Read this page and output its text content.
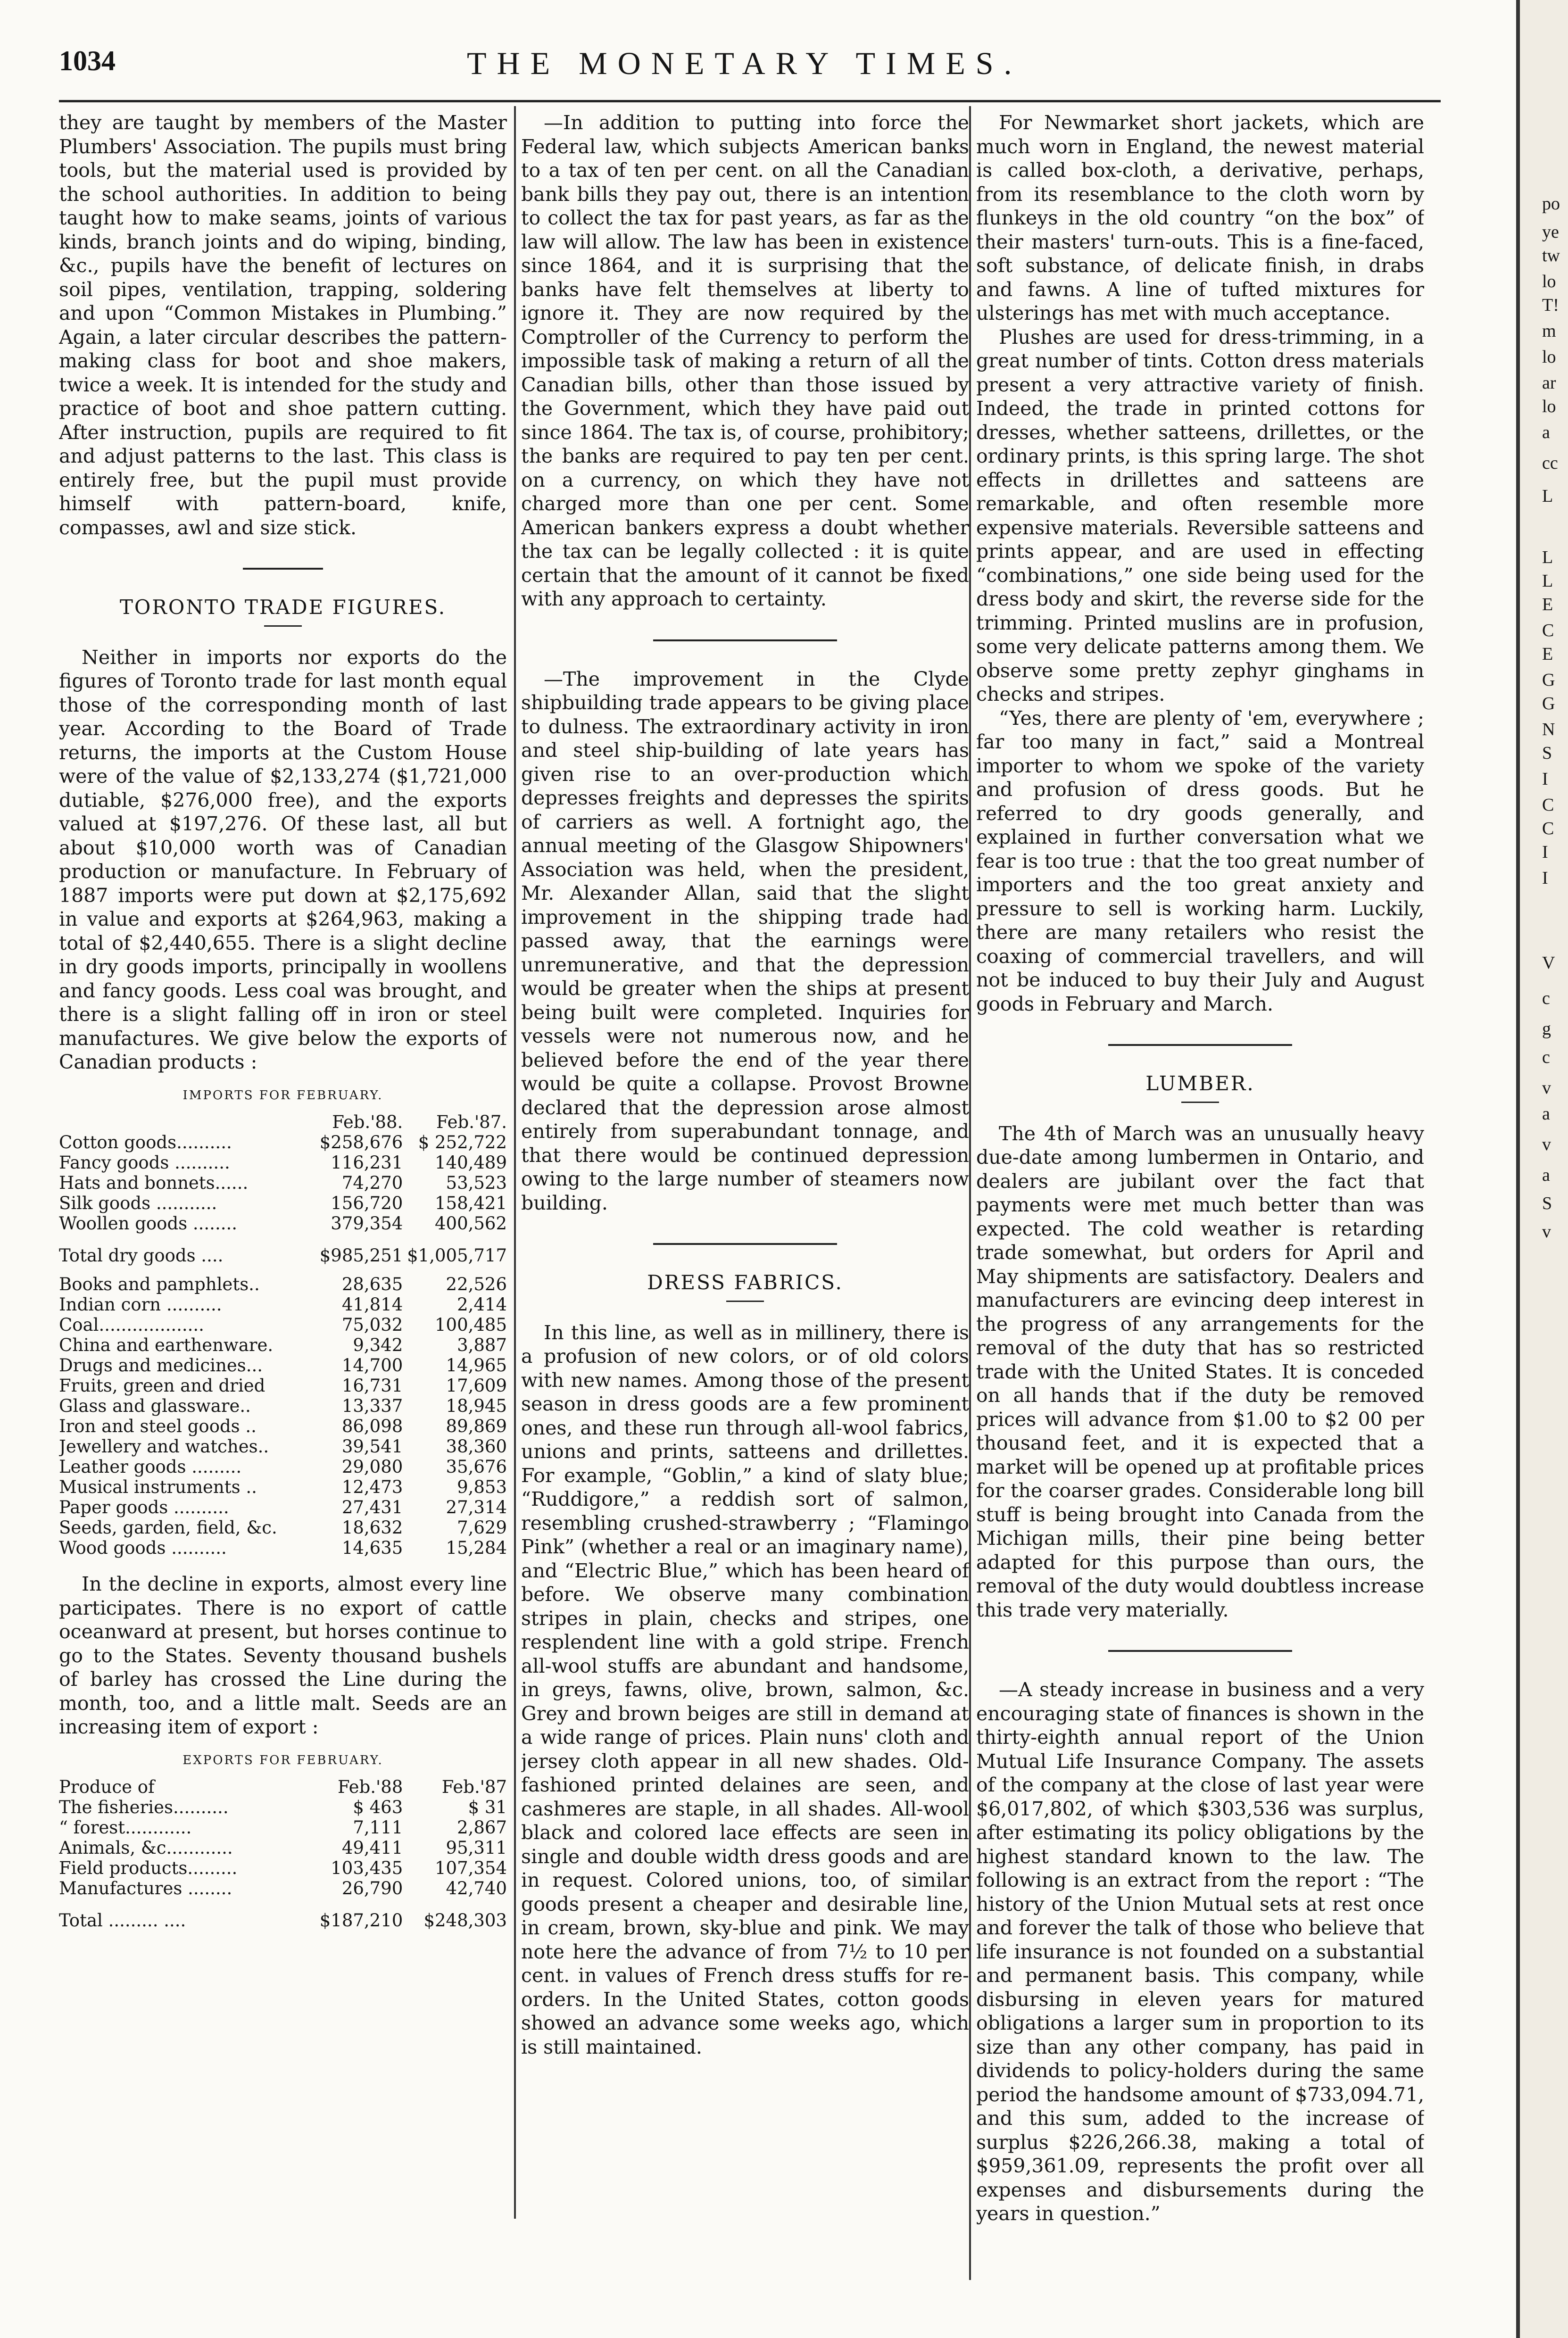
1034	THE MONETARY TIMES.

they are taught by members of the Master Plumbers' Association. The pupils must bring tools, but the material used is provided by the school authorities. In addition to being taught how to make seams, joints of various kinds, branch joints and do wiping, binding, &c., pupils have the benefit of lectures on soil pipes, ventilation, trapping, soldering and upon “Common Mistakes in Plumbing.” Again, a later circular describes the pattern-making class for boot and shoe makers, twice a week. It is intended for the study and practice of boot and shoe pattern cutting. After instruction, pupils are required to fit and adjust patterns to the last. This class is entirely free, but the pupil must provide himself with pattern-board, knife, compasses, awl and size stick.

TORONTO TRADE FIGURES.

Neither in imports nor exports do the figures of Toronto trade for last month equal those of the corresponding month of last year. According to the Board of Trade returns, the imports at the Custom House were of the value of $2,133,274 ($1,721,000 dutiable, $276,000 free), and the exports valued at $197,276. Of these last, all but about $10,000 worth was of Canadian production or manufacture. In February of 1887 imports were put down at $2,175,692 in value and exports at $264,963, making a total of $2,440,655. There is a slight decline in dry goods imports, principally in woollens and fancy goods. Less coal was brought, and there is a slight falling off in iron or steel manufactures. We give below the exports of Canadian products :

IMPORTS FOR FEBRUARY.
	Feb.'88.	Feb.'87.
Cotton goods..........	$258,676	$ 252,722
Fancy goods ..........	116,231	140,489
Hats and bonnets......	74,270	53,523
Silk goods ...........	156,720	158,421
Woollen goods ........	379,354	400,562
Total dry goods ....	$985,251	$1,005,717
Books and pamphlets..	28,635	22,526
Indian corn ..........	41,814	2,414
Coal...................	75,032	100,485
China and earthenware.	9,342	3,887
Drugs and medicines...	14,700	14,965
Fruits, green and dried	16,731	17,609
Glass and glassware..	13,337	18,945
Iron and steel goods ..	86,098	89,869
Jewellery and watches..	39,541	38,360
Leather goods .........	29,080	35,676
Musical instruments ..	12,473	9,853
Paper goods ..........	27,431	27,314
Seeds, garden, field, &c.	18,632	7,629
Wood goods ..........	14,635	15,284

In the decline in exports, almost every line participates. There is no export of cattle oceanward at present, but horses continue to go to the States. Seventy thousand bushels of barley has crossed the Line during the month, too, and a little malt. Seeds are an increasing item of export :

EXPORTS FOR FEBRUARY.
Produce of	Feb.'88	Feb.'87
The fisheries..........	$ 463	$ 31
“ forest............	7,111	2,867
Animals, &c............	49,411	95,311
Field products.........	103,435	107,354
Manufactures ........	26,790	42,740
Total ......... ....	$187,210	$248,303

—In addition to putting into force the Federal law, which subjects American banks to a tax of ten per cent. on all the Canadian bank bills they pay out, there is an intention to collect the tax for past years, as far as the law will allow. The law has been in existence since 1864, and it is surprising that the banks have felt themselves at liberty to ignore it. They are now required by the Comptroller of the Currency to perform the impossible task of making a return of all the Canadian bills, other than those issued by the Government, which they have paid out since 1864. The tax is, of course, prohibitory; the banks are required to pay ten per cent. on a currency, on which they have not charged more than one per cent. Some American bankers express a doubt whether the tax can be legally collected : it is quite certain that the amount of it cannot be fixed with any approach to certainty.

—The improvement in the Clyde shipbuilding trade appears to be giving place to dulness. The extraordinary activity in iron and steel ship-building of late years has given rise to an over-production which depresses freights and depresses the spirits of carriers as well. A fortnight ago, the annual meeting of the Glasgow Shipowners' Association was held, when the president, Mr. Alexander Allan, said that the slight improvement in the shipping trade had passed away, that the earnings were unremunerative, and that the depression would be greater when the ships at present being built were completed. Inquiries for vessels were not numerous now, and he believed before the end of the year there would be quite a collapse. Provost Browne declared that the depression arose almost entirely from superabundant tonnage, and that there would be continued depression owing to the large number of steamers now building.

DRESS FABRICS.

In this line, as well as in millinery, there is a profusion of new colors, or of old colors with new names. Among those of the present season in dress goods are a few prominent ones, and these run through all-wool fabrics, unions and prints, satteens and drillettes. For example, “Goblin,” a kind of slaty blue; “Ruddigore,” a reddish sort of salmon, resembling crushed-strawberry ; “Flamingo Pink” (whether a real or an imaginary name), and “Electric Blue,” which has been heard of before. We observe many combination stripes in plain, checks and stripes, one resplendent line with a gold stripe. French all-wool stuffs are abundant and handsome, in greys, fawns, olive, brown, salmon, &c. Grey and brown beiges are still in demand at a wide range of prices. Plain nuns' cloth and jersey cloth appear in all new shades. Old-fashioned printed delaines are seen, and cashmeres are staple, in all shades. All-wool black and colored lace effects are seen in single and double width dress goods and are in request. Colored unions, too, of similar goods present a cheaper and desirable line, in cream, brown, sky-blue and pink. We may note here the advance of from 7½ to 10 per cent. in values of French dress stuffs for re-orders. In the United States, cotton goods showed an advance some weeks ago, which is still maintained.

For Newmarket short jackets, which are much worn in England, the newest material is called box-cloth, a derivative, perhaps, from its resemblance to the cloth worn by flunkeys in the old country “on the box” of their masters' turn-outs. This is a fine-faced, soft substance, of delicate finish, in drabs and fawns. A line of tufted mixtures for ulsterings has met with much acceptance.

Plushes are used for dress-trimming, in a great number of tints. Cotton dress materials present a very attractive variety of finish. Indeed, the trade in printed cottons for dresses, whether satteens, drillettes, or the ordinary prints, is this spring large. The shot effects in drillettes and satteens are remarkable, and often resemble more expensive materials. Reversible satteens and prints appear, and are used in effecting “combinations,” one side being used for the dress body and skirt, the reverse side for the trimming. Printed muslins are in profusion, some very delicate patterns among them. We observe some pretty zephyr ginghams in checks and stripes.

“Yes, there are plenty of 'em, everywhere ; far too many in fact,” said a Montreal importer to whom we spoke of the variety and profusion of dress goods. But he referred to dry goods generally, and explained in further conversation what we fear is too true : that the too great number of importers and the too great anxiety and pressure to sell is working harm. Luckily, there are many retailers who resist the coaxing of commercial travellers, and will not be induced to buy their July and August goods in February and March.

LUMBER.

The 4th of March was an unusually heavy due-date among lumbermen in Ontario, and dealers are jubilant over the fact that payments were met much better than was expected. The cold weather is retarding trade somewhat, but orders for April and May shipments are satisfactory. Dealers and manufacturers are evincing deep interest in the progress of any arrangements for the removal of the duty that has so restricted trade with the United States. It is conceded on all hands that if the duty be removed prices will advance from $1.00 to $2 00 per thousand feet, and it is expected that a market will be opened up at profitable prices for the coarser grades. Considerable long bill stuff is being brought into Canada from the Michigan mills, their pine being better adapted for this purpose than ours, the removal of the duty would doubtless increase this trade very materially.

—A steady increase in business and a very encouraging state of finances is shown in the thirty-eighth annual report of the Union Mutual Life Insurance Company. The assets of the company at the close of last year were $6,017,802, of which $303,536 was surplus, after estimating its policy obligations by the highest standard known to the law. The following is an extract from the report : “The history of the Union Mutual sets at rest once and forever the talk of those who believe that life insurance is not founded on a substantial and permanent basis. This company, while disbursing in eleven years for matured obligations a larger sum in proportion to its size than any other company, has paid in dividends to policy-holders during the same period the handsome amount of $733,094.71, and this sum, added to the increase of surplus $226,266.38, making a total of $959,361.09, represents the profit over all expenses and disbursements during the years in question.”

po
ye
tw
lo
T!
m
lo
ar
lo
a
cc
L
L
L
E
C
E
G
G
N
S
I
C
C
I
I
V
c
g
c
v
a
v
a
S
v
